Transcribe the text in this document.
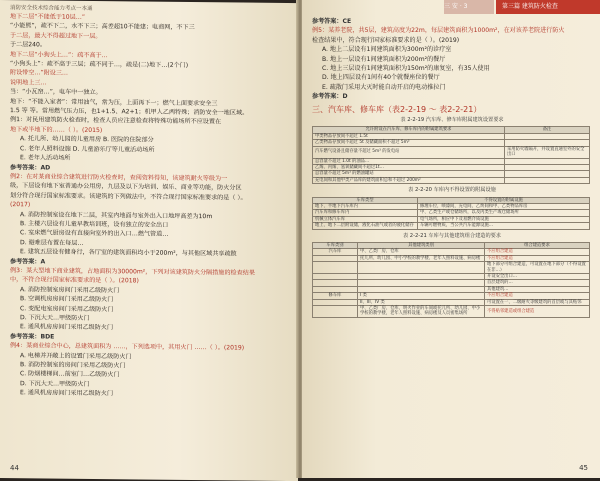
消防安全技术综合能力考点一本通

地下二层“不能低于10层…”

“小能熊”，疏不下二，水不下三；高差超10不能建；电商网，不下三

于二层，最大不得超过地下一层。

于二层240。

地下二层“小狗头上…”：疏不高于…

“小狗头上”：疏不高于三层；疏不同于…，疏是(二)地下…(2个门)

附设带空…”附设三…

说明地上三…

当：“小瓦窑…”，电车中一独立。

地下：“不能入家者”：常用油气，常为压，上面再下一；燃气上面要求安全三

1.5 等 等。常用燃气压力压，也1+1.5、A2+1；机甲人乙两特殊；消防安全一地区域。

例1：对民用建筑防火检查时，检查人员应注意检查将特殊功能场所不应设置在

地下或半地下的……（ ）。(2015)

A. 托儿所、幼儿园的儿童用房 B. 医院的住院部分

C. 老年人照料设施 D. 儿童游乐厅等儿童活动场所

E. 老年人活动场所

参考答案：AD

例2：在对某商业综合建筑进行防火检查时，查阅资料得知，该建筑耐火等级为一

级，下层设有地下室普通办公用房，九层及以下为培训、娱乐、商业等功能，防火分区

划分符合现行国家标准要求。该建筑的下列做法中，不符合现行国家标准要求的是（ ）。

(2017)

A. 消防控制室设在地下二层，其室内地面与室外出入口地坪高差为10m

B. 主楼六层设有儿童早教培训班，设有独立的安全出口

C. 室床燃气厨房设有直接向室外的出入口…燃气管道…

D. 避难层布置在每层…

E. 建筑五层设有健身行，各厅室的建筑面积均小于200m²，与其他区域共享疏散

参考答案：A

例3：某大型地下商业建筑，占地面积为30000m²，下列对该建筑防火分隔措施的检查结果

中，不符合现行国家标准要求的是（ ）。(2018)

A. 消防控制室房间门采用乙级防火门

B. 空调机房房间门采用乙级防火门

C. 变配电室房间门采用乙级防火门

D. 下沉大天…甲级防火门

E. 通风机房房间门采用乙级防火门

参考答案：BDE

例4：某商业综合中心，总建筑面积为 ……，下列选项中，其用火门 ……（ ）。(2019)

A. 电梯并开敞上的设置门采用乙级防火门

B. 消防控制室的房间门采用乙级防火门

C. 防烟楼梯间…前室门…乙级防火门

D. 下沉大天…甲级防火门

E. 通风机房房间门采用乙级防火门

44
三 安 · 3	第三篇 建筑防火检查

参考答案：CE

例5：某养老院，共5层，建筑高度为22m，每层建筑面积为1000m²，在对该养老院进行防火

检查结果中，符合现行国家标准要求的是（ ）。(2019)

A. 地上二层设有1间建筑面积为300m²的诊疗室

B. 地上一层设有1间建筑面积为200m²的餐厅

C. 地上三层设有1间建筑面积为150m²的康复室，有35人使用

D. 地上四层设有1间有40个就餐座位的餐厅

E. 疏散门采用大灭时能自动开启的电动推拉门

参考答案：D

三、汽车库、修车库（表2-2-19 ～ 表2-2-21）
表 2-2-19 汽车库、修车库附属建筑设置要求
允许附设在汽车库、修车库内的附属建筑要求	备注
甲类物品存放间不超过 1.5t	
乙类物品存放间不超过 5t 及储藏面积不超过 5m³	
汽车燃气设备且储存量不超过 5m³ 的发电站	采用防火墙隔开，并设置直通室外的安全出口
总容量不超过 1.0t 的油品…	
乙烯、丙烯、氢氧储藏间不超过1t…	
总容量不超过 5m³ 的燃油罐站	
充电间和其他甲类产品库的建筑面积总和不超过 200m²	
表 2-2-20 车库内不得设置的附属设施
车库类型	不得设置的附属设施
地下、半地下汽车库内	修理车位，喷漆间，充电间，乙炔间和甲、乙类物品库房
汽车库和修车库内	甲、乙类生产或仓储场所，以及丙类生产或仓储场所
机械立体汽车库	电气场所，相应中下及易燃介质设施
地上、地下二层附设储，液化石油气或者的液化储存	车辆可燃物质，当公共汽车能源设施…
表 2-2-21 车库与其他建筑组合建造的要求
车库类别	其他建筑类别	组合建造要求
汽车库	甲、乙类厂房、仓库	不应组合建造
	托儿所、幼儿园、中小学校的教学楼、老年人照料设施、病房楼	不应组合建造
		地下部分可组合建造，可设置在地下部分（不得设置在非…）
		开设安全出口…
		首层建筑的…
		其他建筑…
修车库	I 类	不应组合建造
	II、III、IV 类	可设置在一、二级耐火等级建筑的首层或与其贴邻
	甲、乙类厂房、仓库，明火作业的车间或托儿所、幼儿园、中小学校的教学楼，老年人照料设施、病房楼及人员密集场所	不得贴邻建造或组合建造
45
